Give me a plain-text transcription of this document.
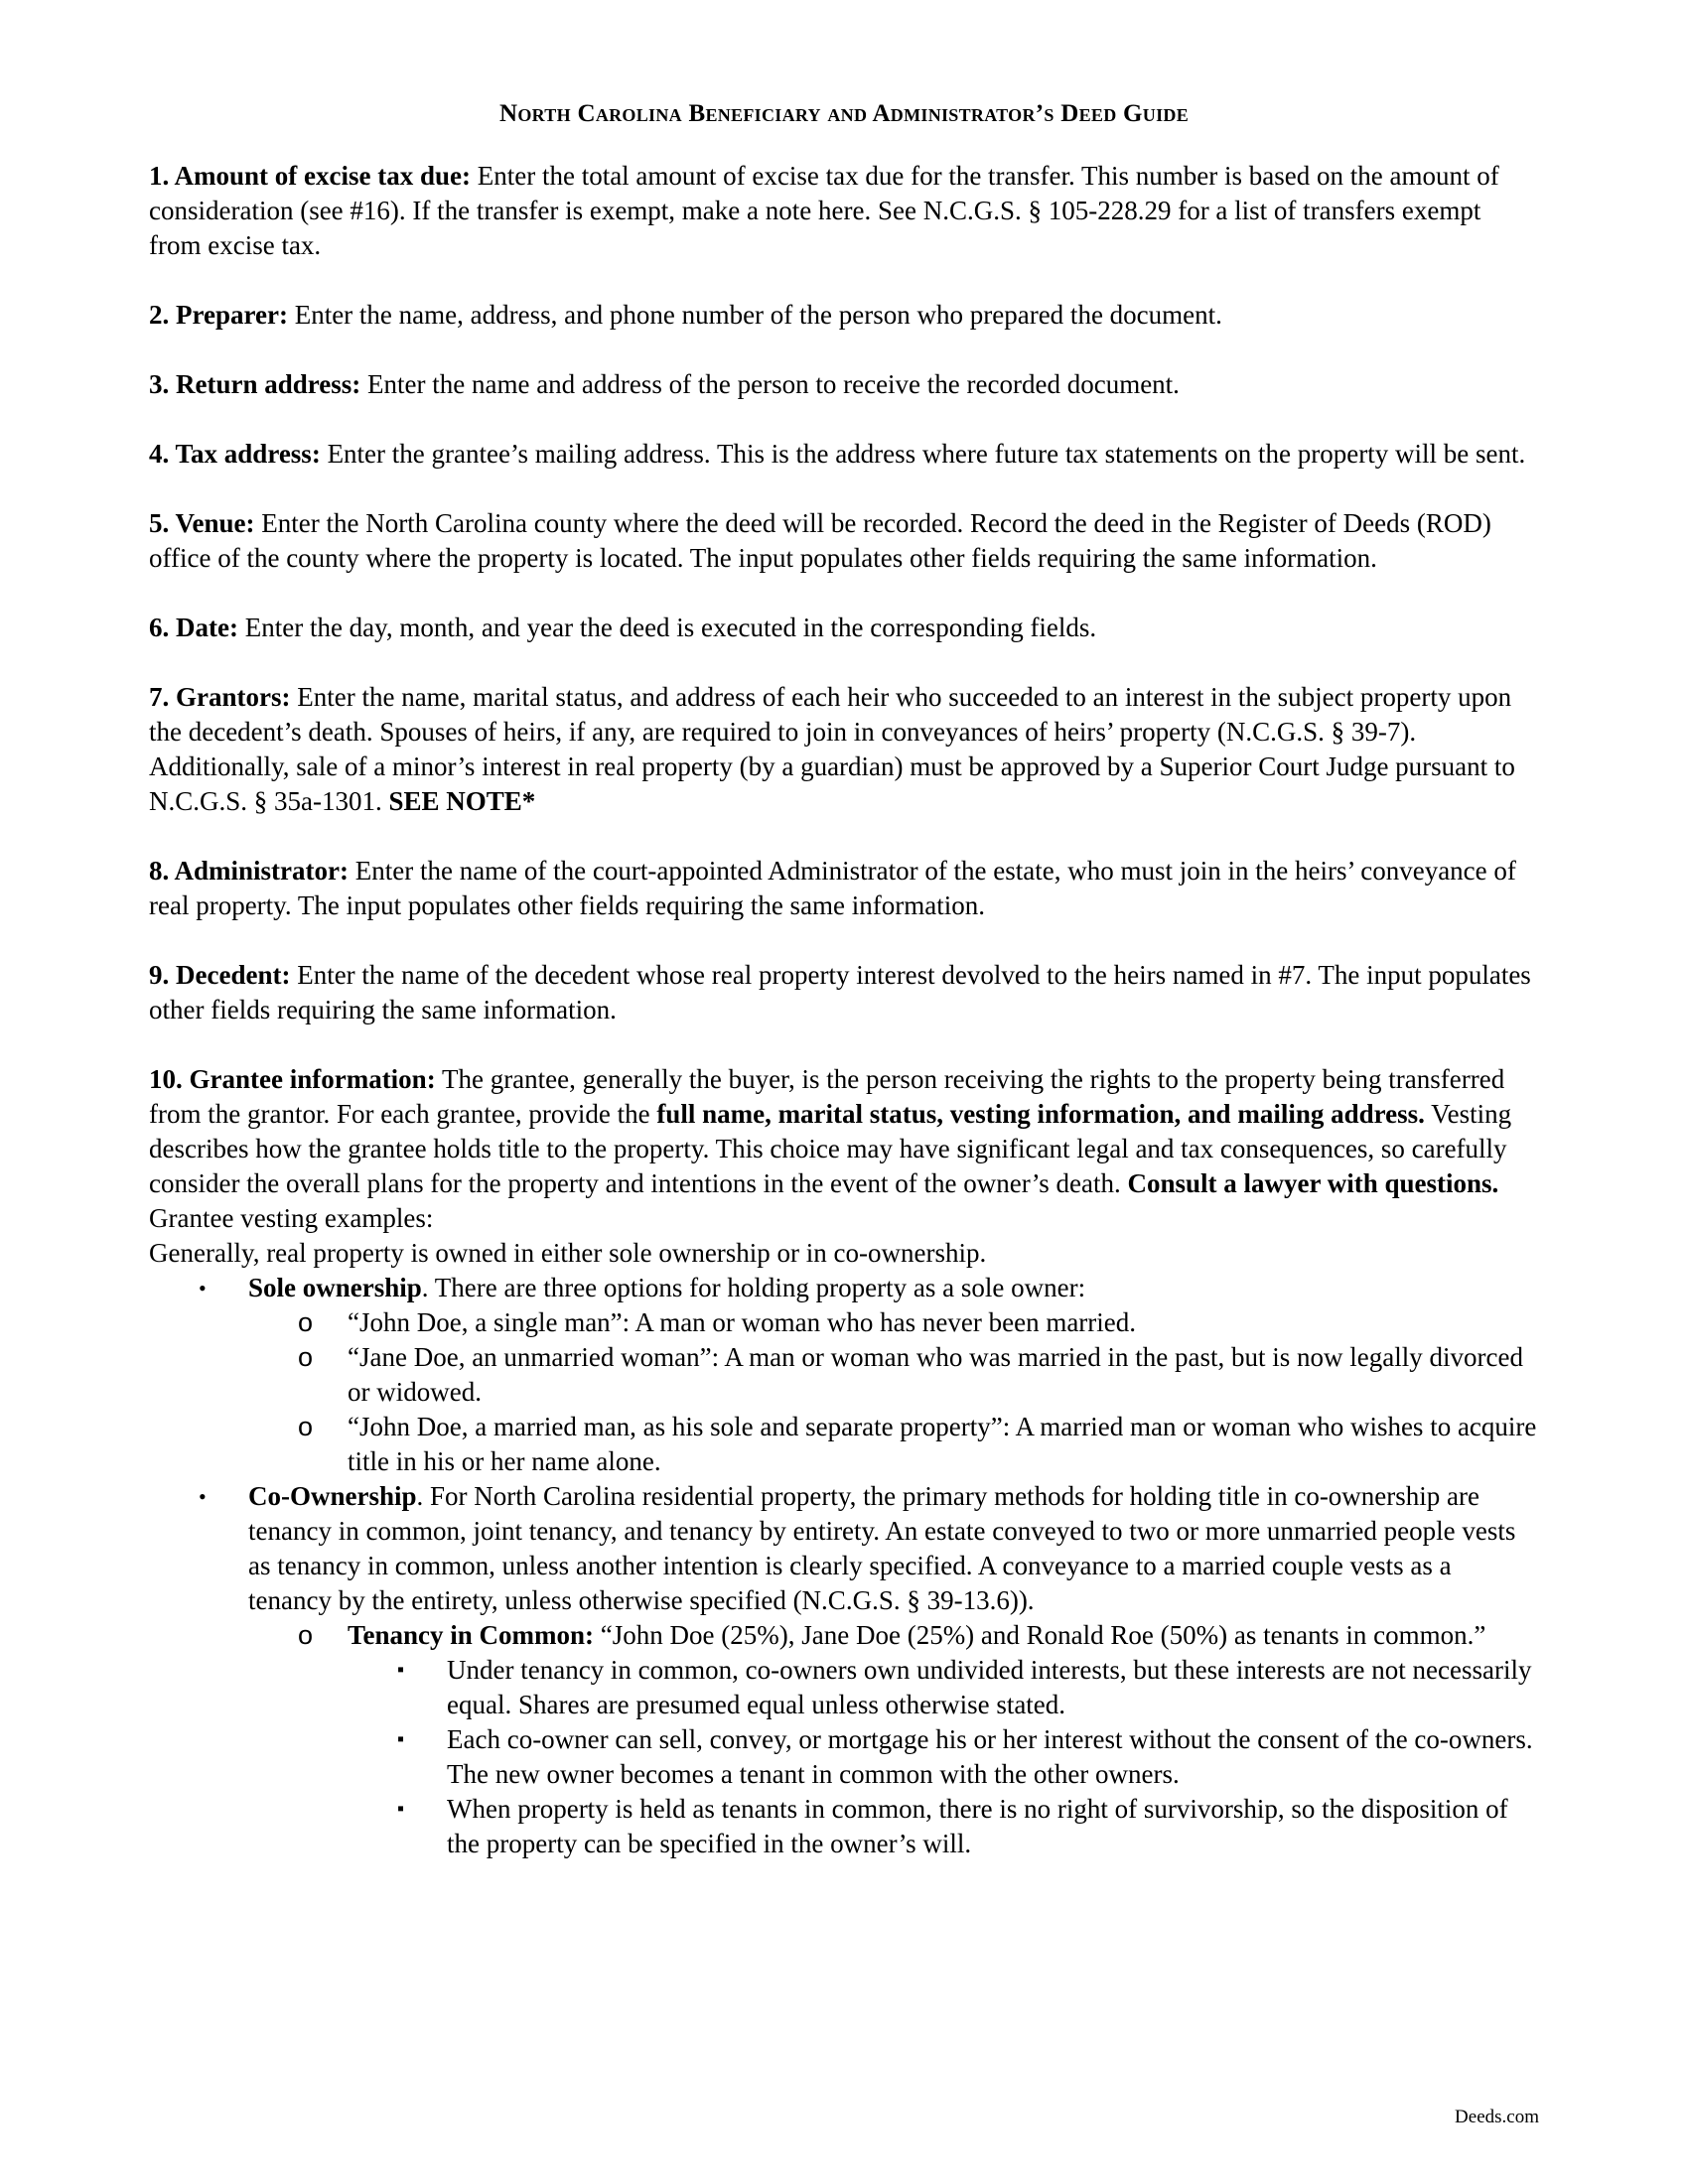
North Carolina Beneficiary and Administrator’s Deed Guide
1. Amount of excise tax due: Enter the total amount of excise tax due for the transfer. This number is based on the amount of consideration (see #16). If the transfer is exempt, make a note here. See N.C.G.S. § 105-228.29 for a list of transfers exempt from excise tax.
2. Preparer: Enter the name, address, and phone number of the person who prepared the document.
3. Return address: Enter the name and address of the person to receive the recorded document.
4. Tax address: Enter the grantee’s mailing address. This is the address where future tax statements on the property will be sent.
5. Venue: Enter the North Carolina county where the deed will be recorded. Record the deed in the Register of Deeds (ROD) office of the county where the property is located. The input populates other fields requiring the same information.
6. Date: Enter the day, month, and year the deed is executed in the corresponding fields.
7. Grantors: Enter the name, marital status, and address of each heir who succeeded to an interest in the subject property upon the decedent’s death. Spouses of heirs, if any, are required to join in conveyances of heirs’ property (N.C.G.S. § 39-7). Additionally, sale of a minor’s interest in real property (by a guardian) must be approved by a Superior Court Judge pursuant to N.C.G.S. § 35a-1301. SEE NOTE*
8. Administrator: Enter the name of the court-appointed Administrator of the estate, who must join in the heirs’ conveyance of real property. The input populates other fields requiring the same information.
9. Decedent: Enter the name of the decedent whose real property interest devolved to the heirs named in #7. The input populates other fields requiring the same information.
10. Grantee information: The grantee, generally the buyer, is the person receiving the rights to the property being transferred from the grantor. For each grantee, provide the full name, marital status, vesting information, and mailing address. Vesting describes how the grantee holds title to the property. This choice may have significant legal and tax consequences, so carefully consider the overall plans for the property and intentions in the event of the owner’s death. Consult a lawyer with questions.
Grantee vesting examples:
Generally, real property is owned in either sole ownership or in co-ownership.
• Sole ownership. There are three options for holding property as a sole owner:
o “John Doe, a single man”: A man or woman who has never been married.
o “Jane Doe, an unmarried woman”: A man or woman who was married in the past, but is now legally divorced or widowed.
o “John Doe, a married man, as his sole and separate property”: A married man or woman who wishes to acquire title in his or her name alone.
• Co-Ownership. For North Carolina residential property, the primary methods for holding title in co-ownership are tenancy in common, joint tenancy, and tenancy by entirety. An estate conveyed to two or more unmarried people vests as tenancy in common, unless another intention is clearly specified. A conveyance to a married couple vests as a tenancy by the entirety, unless otherwise specified (N.C.G.S. § 39-13.6)).
o Tenancy in Common: “John Doe (25%), Jane Doe (25%) and Ronald Roe (50%) as tenants in common.”
▪ Under tenancy in common, co-owners own undivided interests, but these interests are not necessarily equal. Shares are presumed equal unless otherwise stated.
▪ Each co-owner can sell, convey, or mortgage his or her interest without the consent of the co-owners. The new owner becomes a tenant in common with the other owners.
▪ When property is held as tenants in common, there is no right of survivorship, so the disposition of the property can be specified in the owner’s will.
Deeds.com
